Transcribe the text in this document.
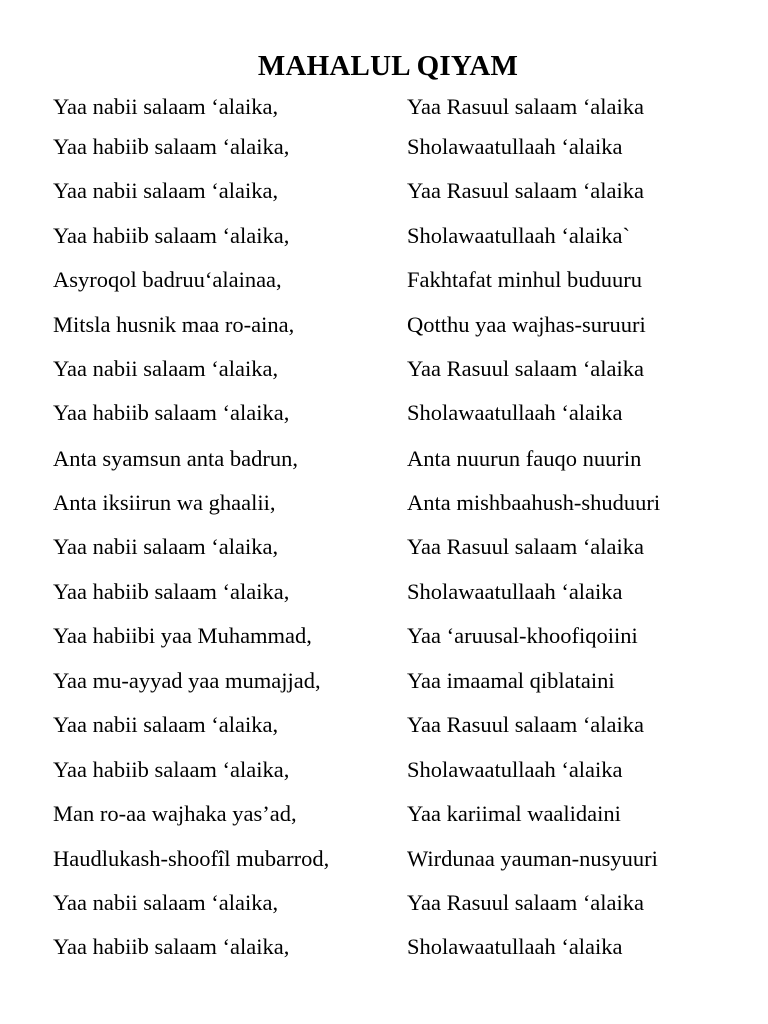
MAHALUL QIYAM
Yaa nabii salaam ‘alaika,	Yaa Rasuul salaam ‘alaika
Yaa habiib salaam ‘alaika,	Sholawaatullaah ‘alaika
Yaa nabii salaam ‘alaika,	Yaa Rasuul salaam ‘alaika
Yaa habiib salaam ‘alaika,	Sholawaatullaah ‘alaika`
Asyroqol badruu‘alainaa,	Fakhtafat minhul buduuru
Mitsla husnik maa ro-aina,	Qotthu yaa wajhas-suruuri
Yaa nabii salaam ‘alaika,	Yaa Rasuul salaam ‘alaika
Yaa habiib salaam ‘alaika,	Sholawaatullaah ‘alaika
Anta syamsun anta badrun,	Anta nuurun fauqo nuurin
Anta iksiirun wa ghaalii,	Anta mishbaahush-shuduuri
Yaa nabii salaam ‘alaika,	Yaa Rasuul salaam ‘alaika
Yaa habiib salaam ‘alaika,	Sholawaatullaah ‘alaika
Yaa habiibi yaa Muhammad,	Yaa ‘aruusal-khoofiqoiini
Yaa mu-ayyad yaa mumajjad,	Yaa imaamal qiblataini
Yaa nabii salaam ‘alaika,	Yaa Rasuul salaam ‘alaika
Yaa habiib salaam ‘alaika,	Sholawaatullaah ‘alaika
Man ro-aa wajhaka yas’ad,	Yaa kariimal waalidaini
Haudlukash-shoofîl mubarrod,	Wirdunaa yauman-nusyuuri
Yaa nabii salaam ‘alaika,	Yaa Rasuul salaam ‘alaika
Yaa habiib salaam ‘alaika,	Sholawaatullaah ‘alaika
